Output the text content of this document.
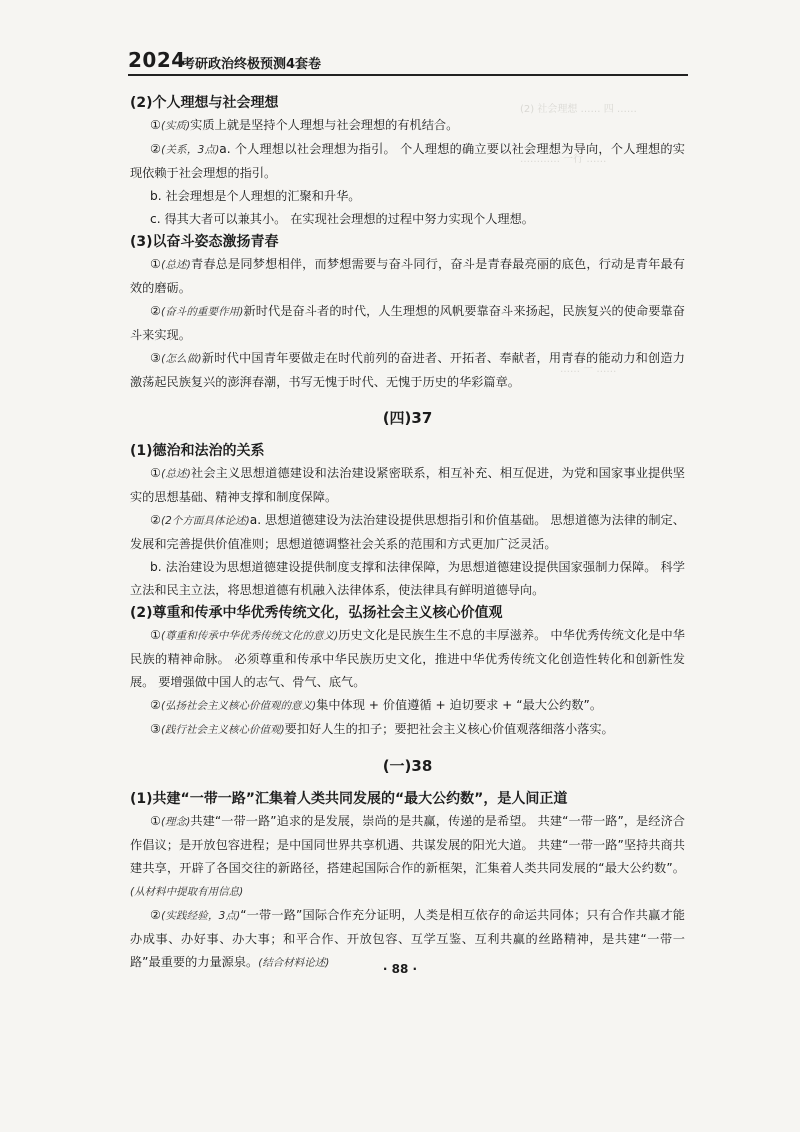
(2) 社会理想 …… 四 ……
………… 一行 ……
…… 一 ……
2024
考研政治终极预测4套卷

(2)个人理想与社会理想

①(实质)实质上就是坚持个人理想与社会理想的有机结合。

②(关系，3点)a. 个人理想以社会理想为指引。 个人理想的确立要以社会理想为导向，个人理想的实现依赖于社会理想的指引。

b. 社会理想是个人理想的汇聚和升华。

c. 得其大者可以兼其小。 在实现社会理想的过程中努力实现个人理想。

(3)以奋斗姿态激扬青春

①(总述)青春总是同梦想相伴，而梦想需要与奋斗同行，奋斗是青春最亮丽的底色，行动是青年最有效的磨砺。

②(奋斗的重要作用)新时代是奋斗者的时代，人生理想的风帆要靠奋斗来扬起，民族复兴的使命要靠奋斗来实现。

③(怎么做)新时代中国青年要做走在时代前列的奋进者、开拓者、奉献者，用青春的能动力和创造力激荡起民族复兴的澎湃春潮，书写无愧于时代、无愧于历史的华彩篇章。

(四)37

(1)德治和法治的关系

①(总述)社会主义思想道德建设和法治建设紧密联系，相互补充、相互促进，为党和国家事业提供坚实的思想基础、精神支撑和制度保障。

②(2个方面具体论述)a. 思想道德建设为法治建设提供思想指引和价值基础。 思想道德为法律的制定、发展和完善提供价值准则；思想道德调整社会关系的范围和方式更加广泛灵活。

b. 法治建设为思想道德建设提供制度支撑和法律保障，为思想道德建设提供国家强制力保障。 科学立法和民主立法，将思想道德有机融入法律体系，使法律具有鲜明道德导向。

(2)尊重和传承中华优秀传统文化，弘扬社会主义核心价值观

①(尊重和传承中华优秀传统文化的意义)历史文化是民族生生不息的丰厚滋养。 中华优秀传统文化是中华民族的精神命脉。 必须尊重和传承中华民族历史文化，推进中华优秀传统文化创造性转化和创新性发展。 要增强做中国人的志气、骨气、底气。

②(弘扬社会主义核心价值观的意义)集中体现 + 价值遵循 + 迫切要求 + “最大公约数”。

③(践行社会主义核心价值观)要扣好人生的扣子；要把社会主义核心价值观落细落小落实。

(一)38

(1)共建“一带一路”汇集着人类共同发展的“最大公约数”，是人间正道

①(理念)共建“一带一路”追求的是发展，崇尚的是共赢，传递的是希望。 共建“一带一路”，是经济合作倡议；是开放包容进程；是中国同世界共享机遇、共谋发展的阳光大道。 共建“一带一路”坚持共商共建共享，开辟了各国交往的新路径，搭建起国际合作的新框架，汇集着人类共同发展的“最大公约数”。(从材料中提取有用信息)

②(实践经验，3点)“一带一路”国际合作充分证明，人类是相互依存的命运共同体；只有合作共赢才能办成事、办好事、办大事；和平合作、开放包容、互学互鉴、互利共赢的丝路精神，是共建“一带一路”最重要的力量源泉。(结合材料论述)	· 88 ·
